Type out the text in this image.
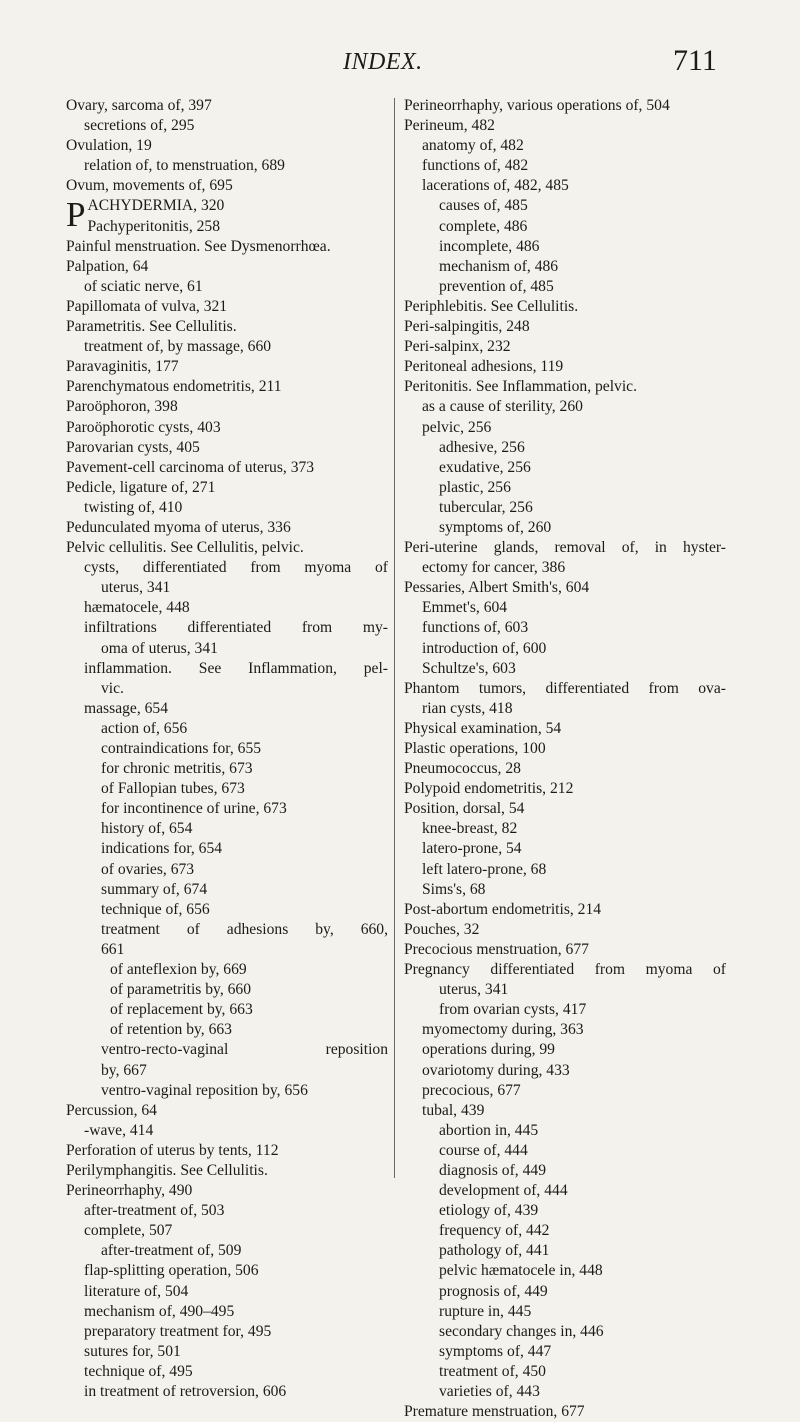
INDEX.	711
Ovary, sarcoma of, 397
secretions of, 295
Ovulation, 19
relation of, to menstruation, 689
Ovum, movements of, 695
P ACHYDERMIA, 320
Pachyperitonitis, 258
Painful menstruation. See Dysmenorrhœa.
Palpation, 64
of sciatic nerve, 61
Papillomata of vulva, 321
Parametritis. See Cellulitis.
treatment of, by massage, 660
Paravaginitis, 177
Parenchymatous endometritis, 211
Paroöphoron, 398
Paroöphorotic cysts, 403
Parovarian cysts, 405
Pavement-cell carcinoma of uterus, 373
Pedicle, ligature of, 271
twisting of, 410
Pedunculated myoma of uterus, 336
Pelvic cellulitis. See Cellulitis, pelvic.
cysts, differentiated from myoma of
uterus, 341
hæmatocele, 448
infiltrations differentiated from my-
oma of uterus, 341
inflammation. See Inflammation, pel-
vic.
massage, 654
action of, 656
contraindications for, 655
for chronic metritis, 673
of Fallopian tubes, 673
for incontinence of urine, 673
history of, 654
indications for, 654
of ovaries, 673
summary of, 674
technique of, 656
treatment of adhesions by, 660,
661
of anteflexion by, 669
of parametritis by, 660
of replacement by, 663
of retention by, 663
ventro-recto-vaginal	reposition
by, 667
ventro-vaginal reposition by, 656
Percussion, 64
-wave, 414
Perforation of uterus by tents, 112
Perilymphangitis. See Cellulitis.
Perineorrhaphy, 490
after-treatment of, 503
complete, 507
after-treatment of, 509
flap-splitting operation, 506
literature of, 504
mechanism of, 490–495
preparatory treatment for, 495
sutures for, 501
technique of, 495
in treatment of retroversion, 606
Perineorrhaphy, various operations of, 504
Perineum, 482
anatomy of, 482
functions of, 482
lacerations of, 482, 485
causes of, 485
complete, 486
incomplete, 486
mechanism of, 486
prevention of, 485
Periphlebitis. See Cellulitis.
Peri-salpingitis, 248
Peri-salpinx, 232
Peritoneal adhesions, 119
Peritonitis. See Inflammation, pelvic.
as a cause of sterility, 260
pelvic, 256
adhesive, 256
exudative, 256
plastic, 256
tubercular, 256
symptoms of, 260
Peri-uterine glands, removal of, in hyster-
ectomy for cancer, 386
Pessaries, Albert Smith's, 604
Emmet's, 604
functions of, 603
introduction of, 600
Schultze's, 603
Phantom tumors, differentiated from ova-
rian cysts, 418
Physical examination, 54
Plastic operations, 100
Pneumococcus, 28
Polypoid endometritis, 212
Position, dorsal, 54
knee-breast, 82
latero-prone, 54
left latero-prone, 68
Sims's, 68
Post-abortum endometritis, 214
Pouches, 32
Precocious menstruation, 677
Pregnancy differentiated from myoma of
uterus, 341
from ovarian cysts, 417
myomectomy during, 363
operations during, 99
ovariotomy during, 433
precocious, 677
tubal, 439
abortion in, 445
course of, 444
diagnosis of, 449
development of, 444
etiology of, 439
frequency of, 442
pathology of, 441
pelvic hæmatocele in, 448
prognosis of, 449
rupture in, 445
secondary changes in, 446
symptoms of, 447
treatment of, 450
varieties of, 443
Premature menstruation, 677
